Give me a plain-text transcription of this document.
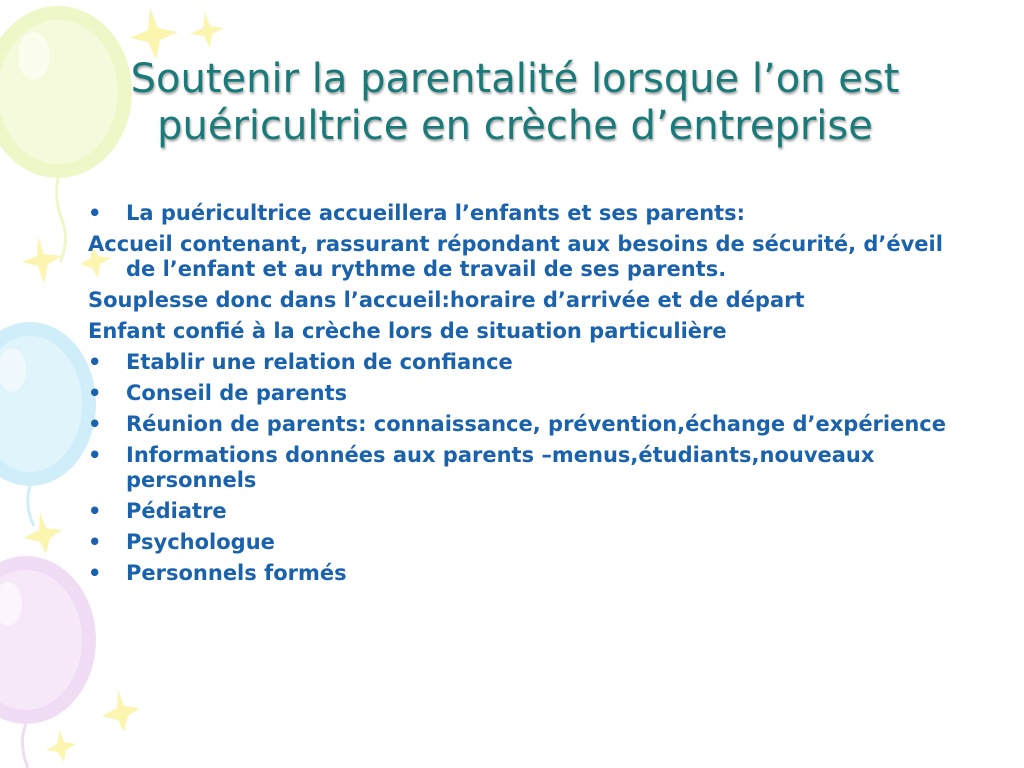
Soutenir la parentalité lorsque l’on est
puéricultrice en crèche d’entreprise
• La puéricultrice accueillera l’enfants et ses parents:
Accueil contenant, rassurant répondant aux besoins de sécurité, d’éveil de l’enfant et au rythme de travail de ses parents.
Souplesse donc dans l’accueil:horaire d’arrivée et de départ
Enfant confié à la crèche lors de situation particulière
• Etablir une relation de confiance
• Conseil de parents
• Réunion de parents: connaissance, prévention,échange d’expérience
• Informations données aux parents –menus,étudiants,nouveaux personnels
• Pédiatre
• Psychologue
• Personnels formés
